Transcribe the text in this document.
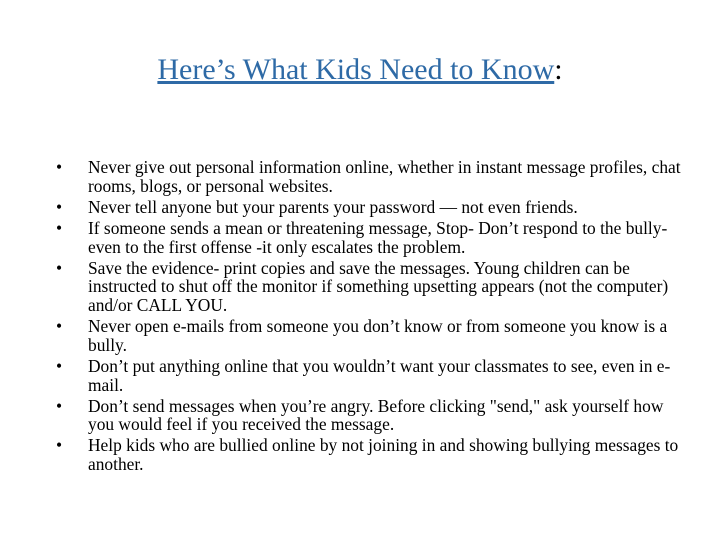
Here’s What Kids Need to Know:
•	Never give out personal information online, whether in instant message profiles, chat rooms, blogs, or personal websites.
•	Never tell anyone but your parents your password — not even friends.
•	If someone sends a mean or threatening message, Stop- Don’t respond to the bully- even to the first offense -it only escalates the problem.
•	Save the evidence- print copies and save the messages. Young children can be instructed to shut off the monitor if something upsetting appears (not the computer) and/or CALL YOU.
•	Never open e-mails from someone you don’t know or from someone you know is a bully.
•	Don’t put anything online that you wouldn’t want your classmates to see, even in e-mail.
•	Don’t send messages when you’re angry. Before clicking "send," ask yourself how you would feel if you received the message.
•	Help kids who are bullied online by not joining in and showing bullying messages to another.
